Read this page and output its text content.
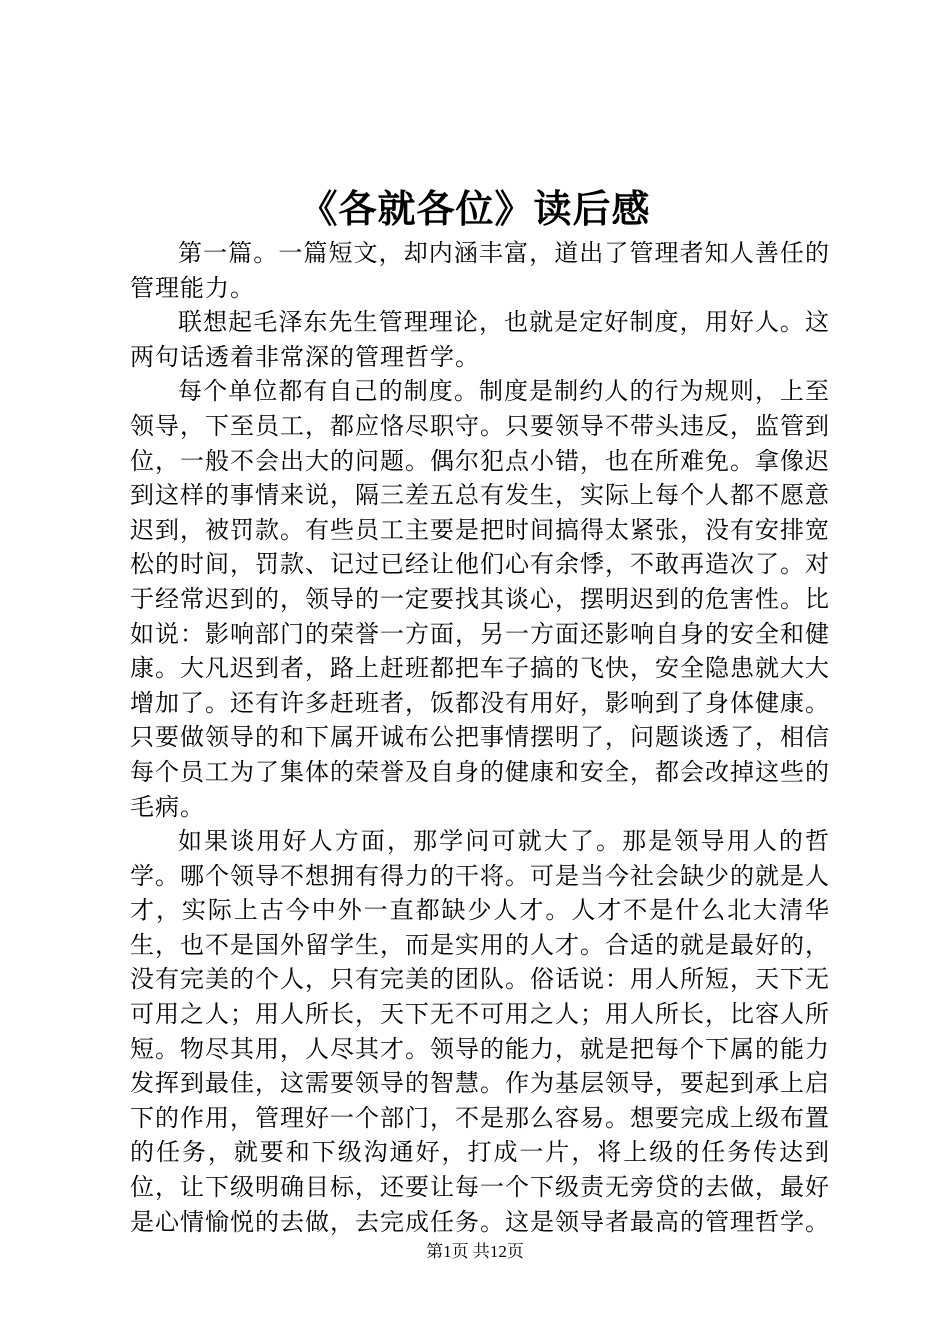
《各就各位》读后感

第一篇。一篇短文，却内涵丰富，道出了管理者知人善任的管理能力。

联想起毛泽东先生管理理论，也就是定好制度，用好人。这两句话透着非常深的管理哲学。

每个单位都有自己的制度。制度是制约人的行为规则，上至领导，下至员工，都应恪尽职守。只要领导不带头违反，监管到位，一般不会出大的问题。偶尔犯点小错，也在所难免。拿像迟到这样的事情来说，隔三差五总有发生，实际上每个人都不愿意迟到，被罚款。有些员工主要是把时间搞得太紧张，没有安排宽松的时间，罚款、记过已经让他们心有余悸，不敢再造次了。对于经常迟到的，领导的一定要找其谈心，摆明迟到的危害性。比如说：影响部门的荣誉一方面，另一方面还影响自身的安全和健康。大凡迟到者，路上赶班都把车子搞的飞快，安全隐患就大大增加了。还有许多赶班者，饭都没有用好，影响到了身体健康。只要做领导的和下属开诚布公把事情摆明了，问题谈透了，相信每个员工为了集体的荣誉及自身的健康和安全，都会改掉这些的毛病。

如果谈用好人方面，那学问可就大了。那是领导用人的哲学。哪个领导不想拥有得力的干将。可是当今社会缺少的就是人才，实际上古今中外一直都缺少人才。人才不是什么北大清华生，也不是国外留学生，而是实用的人才。合适的就是最好的，没有完美的个人，只有完美的团队。俗话说：用人所短，天下无可用之人；用人所长，天下无不可用之人；用人所长，比容人所短。物尽其用，人尽其才。领导的能力，就是把每个下属的能力发挥到最佳，这需要领导的智慧。作为基层领导，要起到承上启下的作用，管理好一个部门，不是那么容易。想要完成上级布置的任务，就要和下级沟通好，打成一片，将上级的任务传达到位，让下级明确目标，还要让每一个下级责无旁贷的去做，最好是心情愉悦的去做，去完成任务。这是领导者最高的管理哲学。

第1页 共12页
